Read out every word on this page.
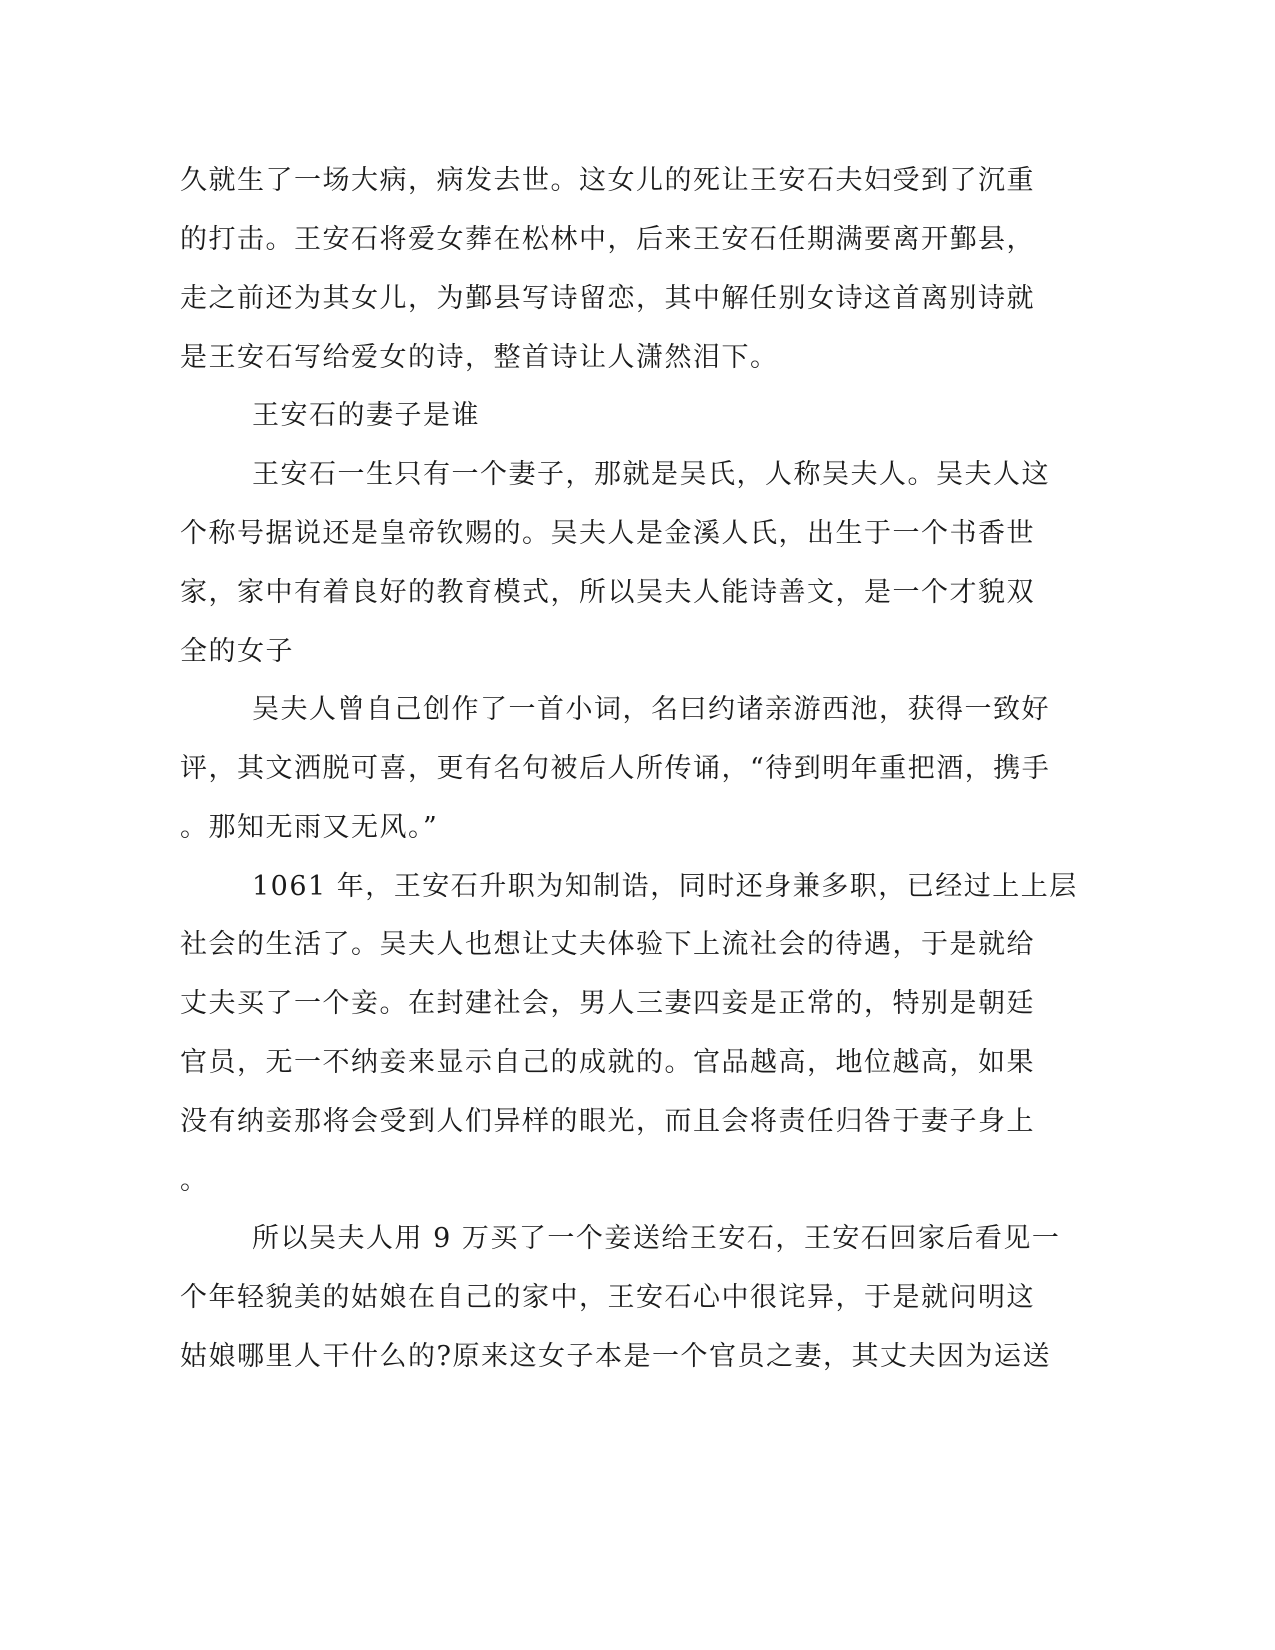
久就生了一场大病，病发去世。这女儿的死让王安石夫妇受到了沉重
的打击。王安石将爱女葬在松林中，后来王安石任期满要离开鄞县，
走之前还为其女儿，为鄞县写诗留恋，其中解任别女诗这首离别诗就
是王安石写给爱女的诗，整首诗让人潇然泪下。
王安石的妻子是谁
王安石一生只有一个妻子，那就是吴氏，人称吴夫人。吴夫人这
个称号据说还是皇帝钦赐的。吴夫人是金溪人氏，出生于一个书香世
家，家中有着良好的教育模式，所以吴夫人能诗善文，是一个才貌双
全的女子
吴夫人曾自己创作了一首小词，名曰约诸亲游西池，获得一致好
评，其文洒脱可喜，更有名句被后人所传诵，“待到明年重把酒，携手
。那知无雨又无风。”
1061 年，王安石升职为知制诰，同时还身兼多职，已经过上上层
社会的生活了。吴夫人也想让丈夫体验下上流社会的待遇，于是就给
丈夫买了一个妾。在封建社会，男人三妻四妾是正常的，特别是朝廷
官员，无一不纳妾来显示自己的成就的。官品越高，地位越高，如果
没有纳妾那将会受到人们异样的眼光，而且会将责任归咎于妻子身上
。
所以吴夫人用 9 万买了一个妾送给王安石，王安石回家后看见一
个年轻貌美的姑娘在自己的家中，王安石心中很诧异，于是就问明这
姑娘哪里人干什么的?原来这女子本是一个官员之妻，其丈夫因为运送
